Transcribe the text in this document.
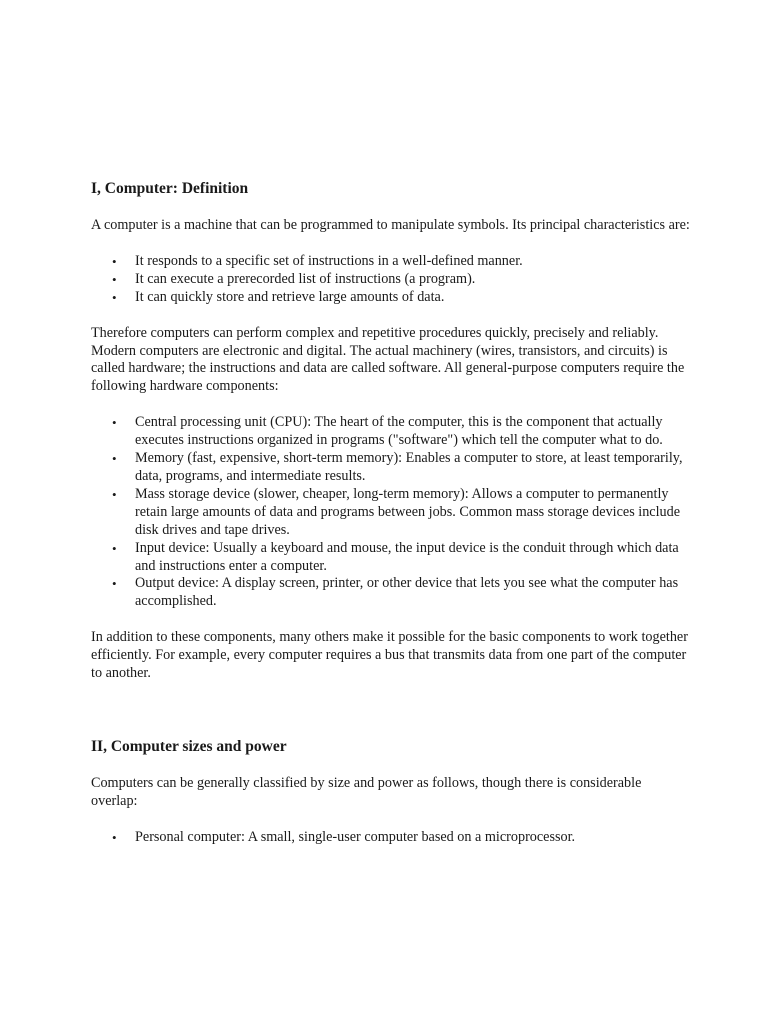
I, Computer: Definition

A computer is a machine that can be programmed to manipulate symbols. Its principal characteristics are:

• It responds to a specific set of instructions in a well-defined manner.
• It can execute a prerecorded list of instructions (a program).
• It can quickly store and retrieve large amounts of data.

Therefore computers can perform complex and repetitive procedures quickly, precisely and reliably. Modern computers are electronic and digital. The actual machinery (wires, transistors, and circuits) is called hardware; the instructions and data are called software. All general-purpose computers require the following hardware components:

• Central processing unit (CPU): The heart of the computer, this is the component that actually executes instructions organized in programs ("software") which tell the computer what to do.
• Memory (fast, expensive, short-term memory): Enables a computer to store, at least temporarily, data, programs, and intermediate results.
• Mass storage device (slower, cheaper, long-term memory): Allows a computer to permanently retain large amounts of data and programs between jobs. Common mass storage devices include disk drives and tape drives.
• Input device: Usually a keyboard and mouse, the input device is the conduit through which data and instructions enter a computer.
• Output device: A display screen, printer, or other device that lets you see what the computer has accomplished.

In addition to these components, many others make it possible for the basic components to work together efficiently. For example, every computer requires a bus that transmits data from one part of the computer to another.

II, Computer sizes and power

Computers can be generally classified by size and power as follows, though there is considerable overlap:

• Personal computer: A small, single-user computer based on a microprocessor.
